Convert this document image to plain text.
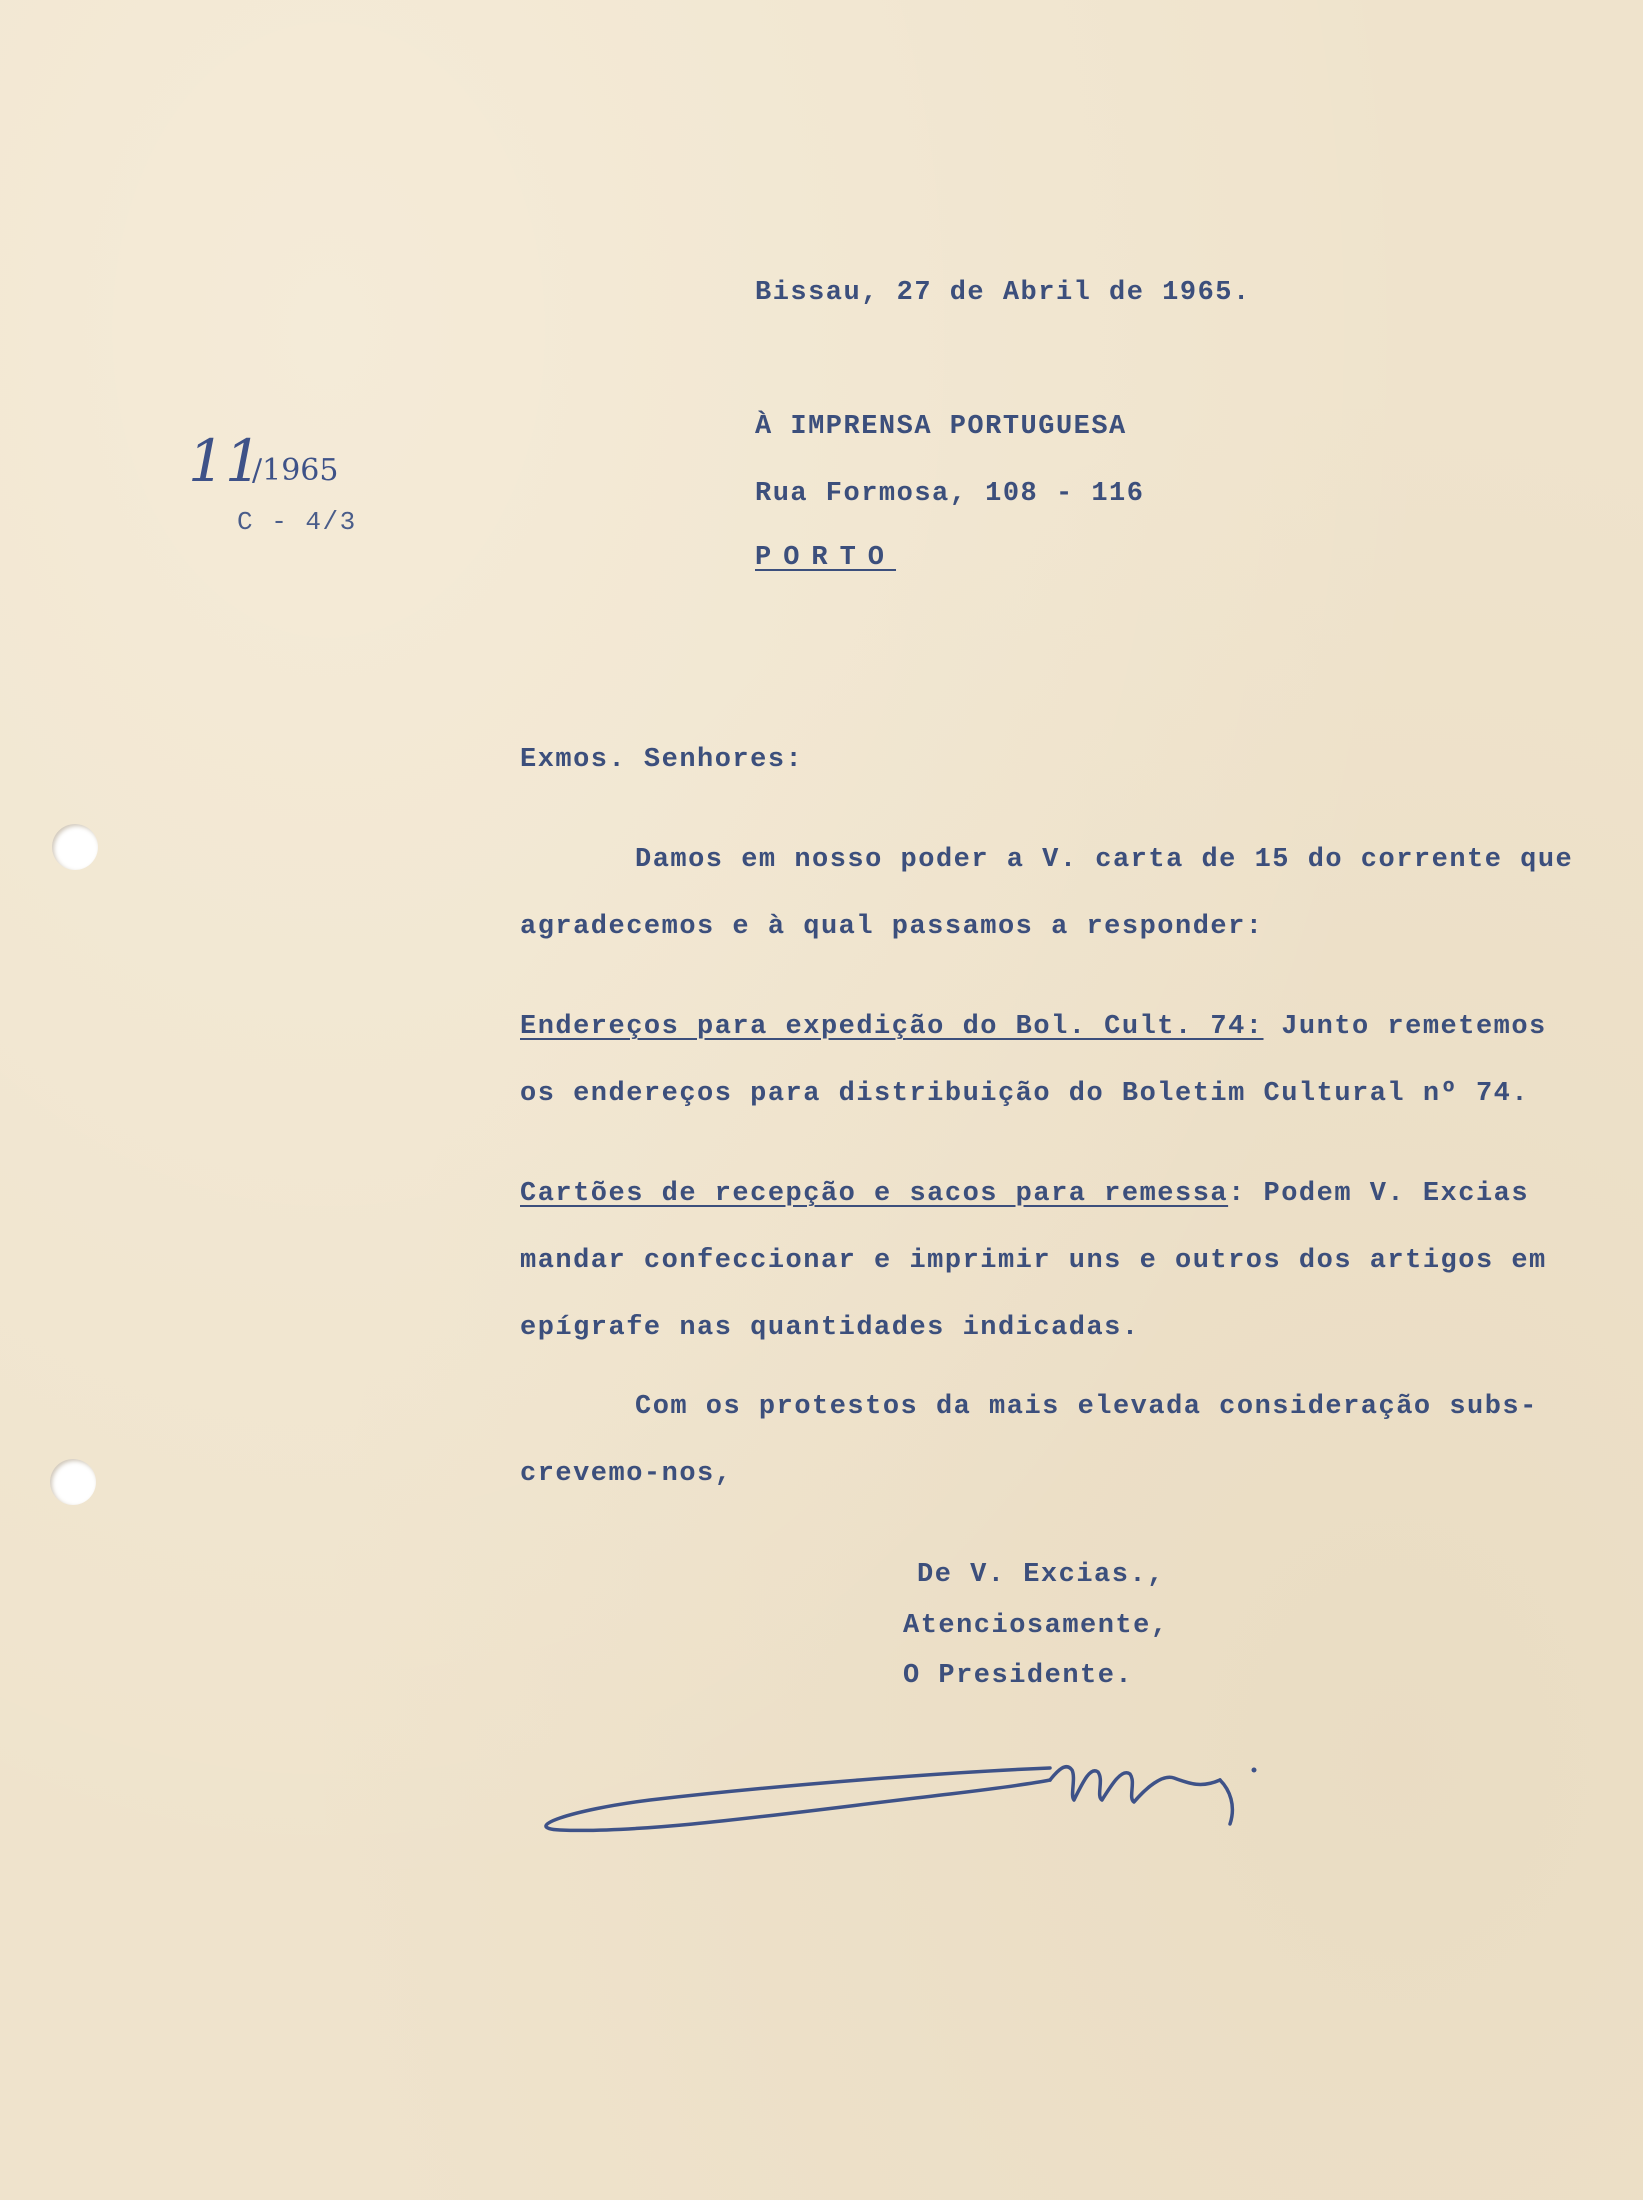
11
/1965
C - 4/3
Bissau, 27 de Abril de 1965.
À IMPRENSA PORTUGUESA
Rua Formosa, 108 - 116
PORTO
Exmos. Senhores:
Damos em nosso poder a V. carta de 15 do corrente que
agradecemos e à qual passamos a responder:
Endereços para expedição do Bol. Cult. 74: Junto remetemos
os endereços para distribuição do Boletim Cultural nº 74.
Cartões de recepção e sacos para remessa: Podem V. Excias
mandar confeccionar e imprimir uns e outros dos artigos em
epígrafe nas quantidades indicadas.
Com os protestos da mais elevada consideração subs-
crevemo-nos,
De V. Excias.,
Atenciosamente,
O Presidente.
